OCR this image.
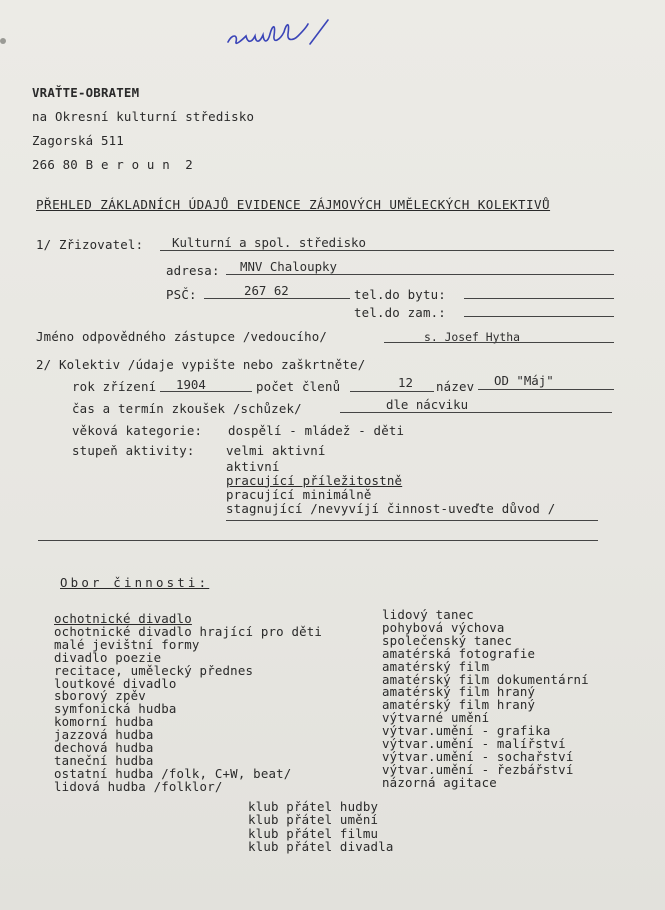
VRAŤTE-OBRATEM
na Okresní kulturní středisko
Zagorská 511
266 80 B e r o u n  2
PŘEHLED ZÁKLADNÍCH ÚDAJŮ EVIDENCE ZÁJMOVÝCH UMĚLECKÝCH KOLEKTIVŮ
1/ Zřizovatel: Kulturní a spol. středisko
adresa: MNV Chaloupky
PSČ:	267 62	tel.do bytu:
tel.do zam.:
Jméno odpovědného zástupce /vedoucího/	s. Josef Hytha
2/ Kolektiv /údaje vypište nebo zaškrtněte/
rok zřízení 1904	počet členů	12 název OD "Máj"
čas a termín zkoušek /schůzek/	dle nácviku
věková kategorie: dospělí - mládež - děti
stupeň aktivity:	velmi aktivní
aktivní
pracující příležitostně
pracující minimálně
stagnující /nevyvíjí činnost-uveďte důvod /
Obor činnosti:
ochotnické divadlo
ochotnické divadlo hrající pro děti
malé jevištní formy
divadlo poezie
recitace, umělecký přednes
loutkové divadlo
sborový zpěv
symfonická hudba
komorní hudba
jazzová hudba
dechová hudba
taneční hudba
ostatní hudba /folk, C+W, beat/
lidová hudba /folklor/
lidový tanec
pohybová výchova
společenský tanec
amatérská fotografie
amatérský film
amatérský film dokumentární
amatérský film hraný
amatérský film hraný
výtvarné umění
výtvar.umění - grafika
výtvar.umění - malířství
výtvar.umění - sochařství
výtvar.umění - řezbářství
názorná agitace
klub přátel hudby
klub přátel umění
klub přátel filmu
klub přátel divadla
